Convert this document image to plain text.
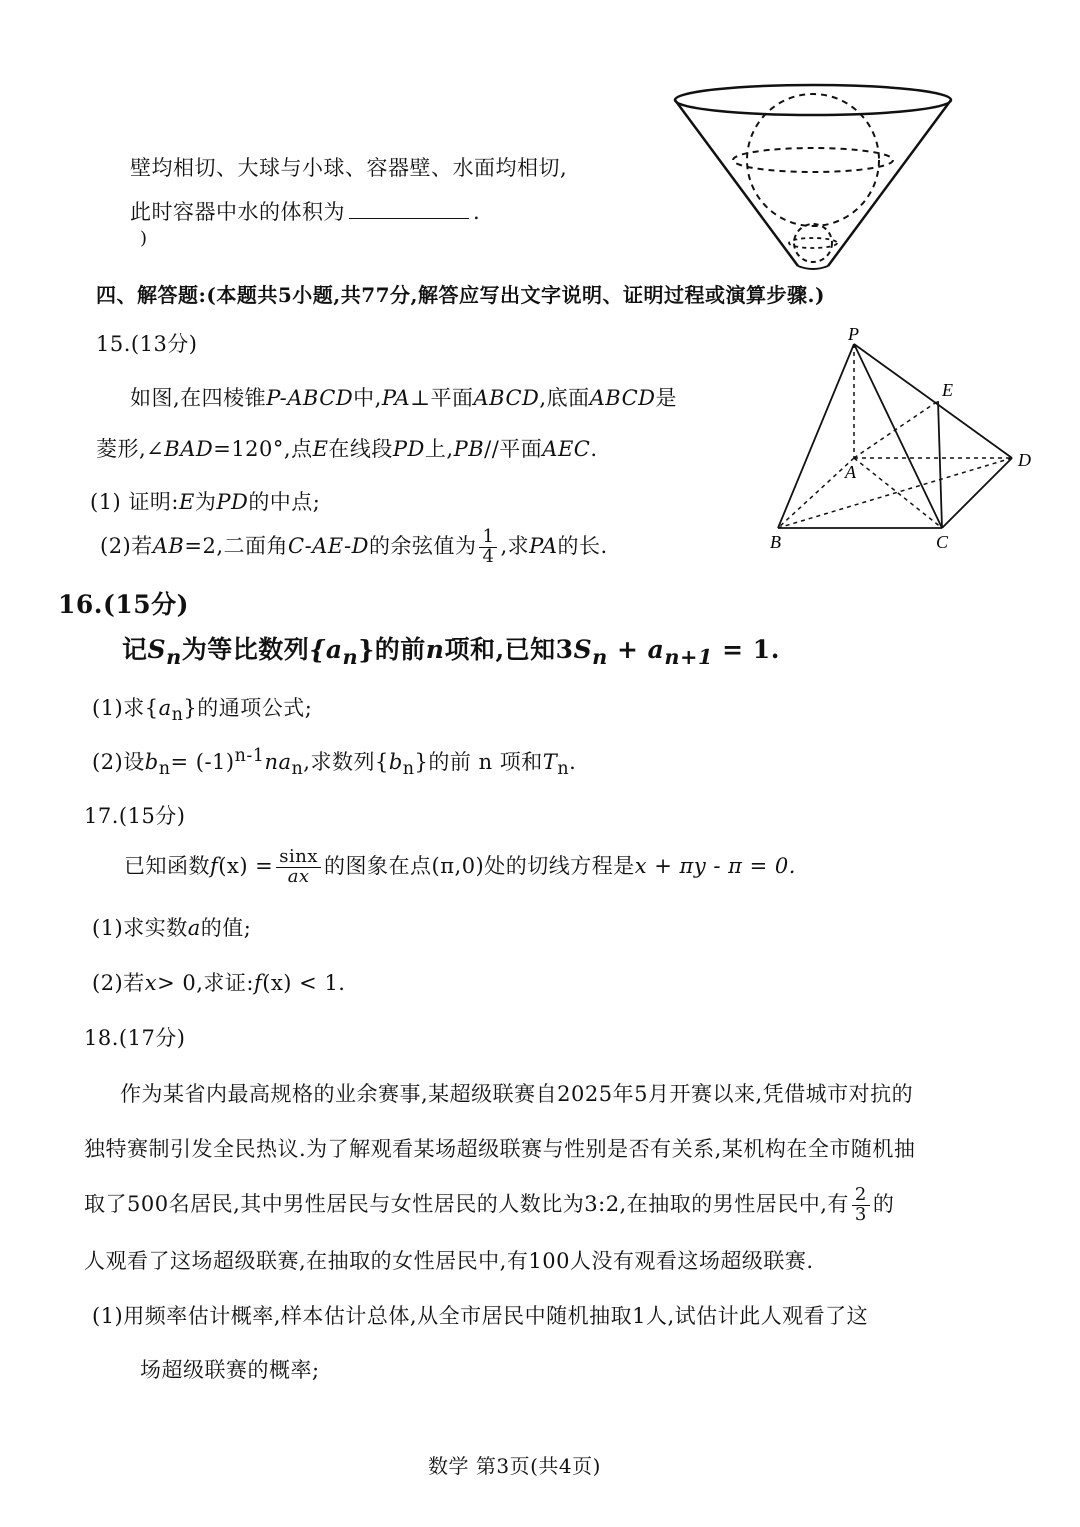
壁均相切、大球与小球、容器壁、水面均相切,
此时容器中水的体积为	.
)
四、解答题:(本题共5小题,共77分,解答应写出文字说明、证明过程或演算步骤.)
15.(13分)
如图,在四棱锥P-ABCD中,PA⊥平面ABCD,底面ABCD是
菱形,∠BAD=120°,点E在线段PD上,PB//平面AEC.
(1) 证明:E为PD的中点;
(2)若AB=2,二面角C-AE-D的余弦值为 $\frac{1}{4}$ ,求PA的长.
P
E
A
D
B	C
16.(15分)
记$S_n$为等比数列$\{a_n\}$的前n项和,已知$3S_n + a_{n+1} = 1$.
(1)求$\{a_n\}$的通项公式;
(2)设$b_n= (-1)^{n-1}na_n$,求数列$\{b_n\}$的前 n 项和$T_n$.
17.(15分)
已知函数$f(x) = \frac{\sin x}{ax}$ 的图象在点(π,0)处的切线方程是x + πy - π = 0.
(1)求实数a的值;
(2)若x> 0,求证:f(x) < 1.
18.(17分)
作为某省内最高规格的业余赛事,某超级联赛自2025年5月开赛以来,凭借城市对抗的
独特赛制引发全民热议.为了解观看某场超级联赛与性别是否有关系,某机构在全市随机抽
取了500名居民,其中男性居民与女性居民的人数比为3:2,在抽取的男性居民中,有 $\frac{2}{3}$ 的
人观看了这场超级联赛,在抽取的女性居民中,有100人没有观看这场超级联赛.
(1)用频率估计概率,样本估计总体,从全市居民中随机抽取1人,试估计此人观看了这
场超级联赛的概率;
数学 第3页(共4页)
